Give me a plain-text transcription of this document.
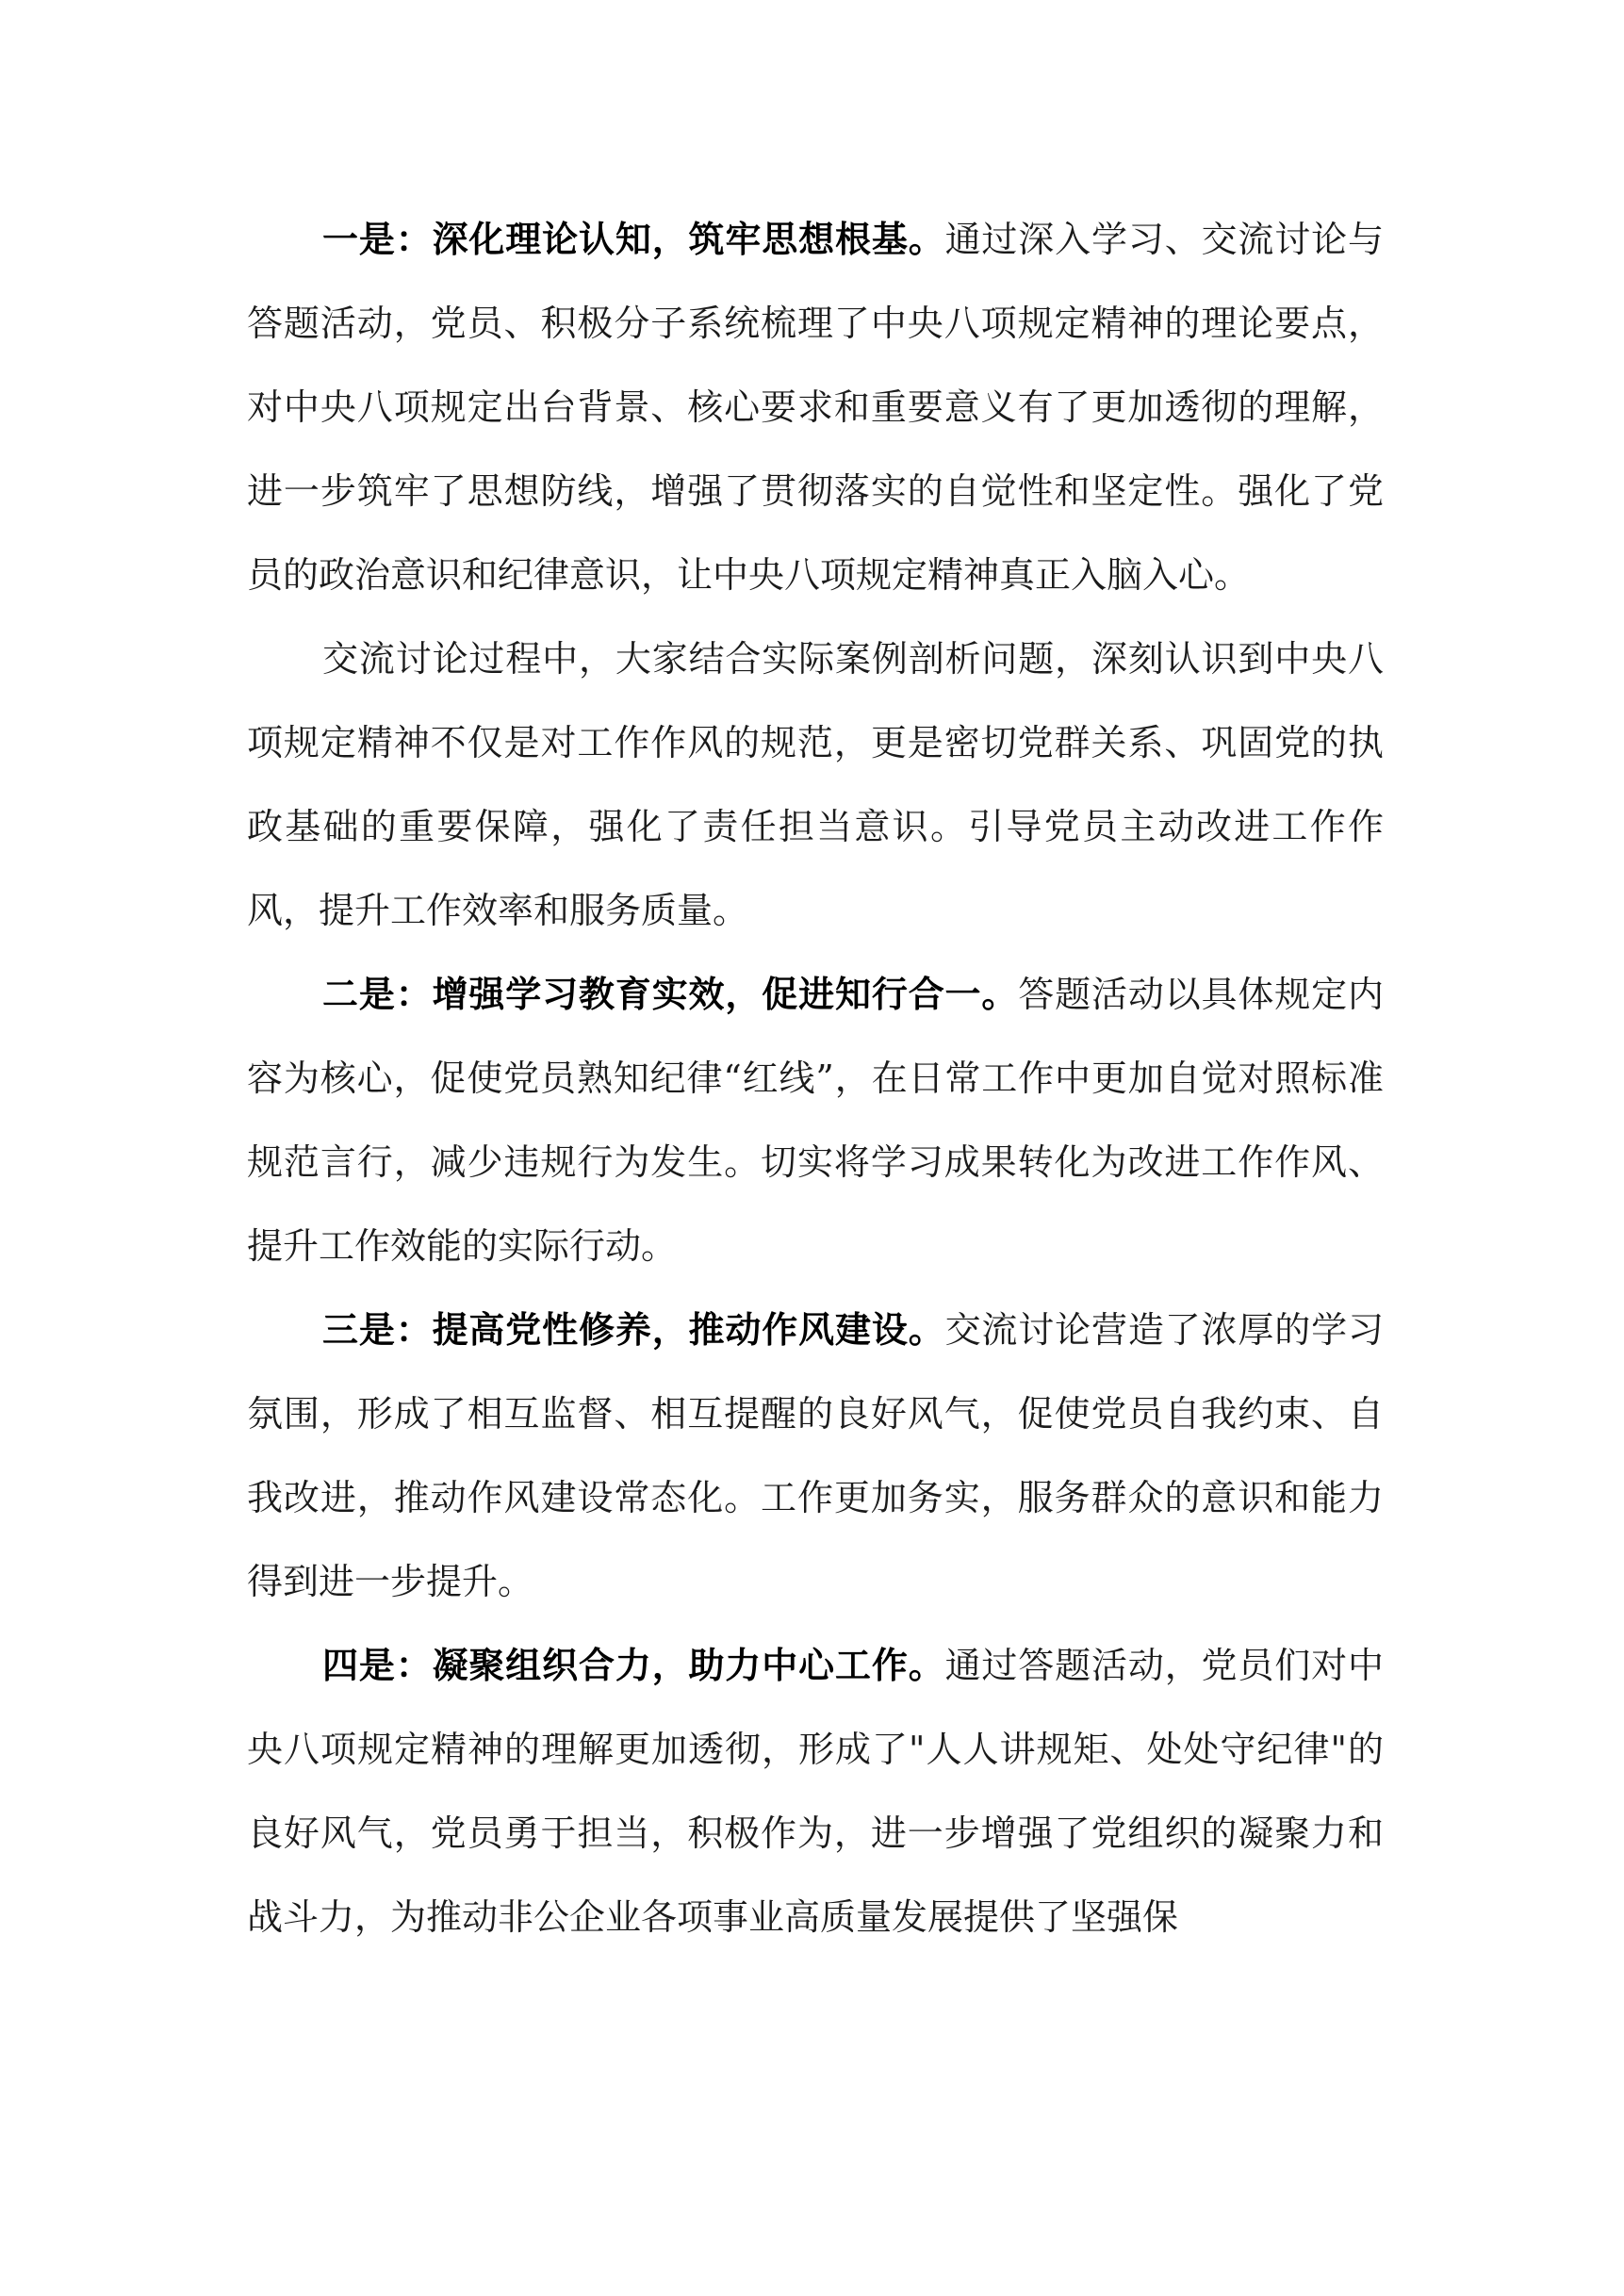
一是：深化理论认知，筑牢思想根基。通过深入学习、交流讨论与答题活动，党员、积极分子系统梳理了中央八项规定精神的理论要点，对中央八项规定出台背景、核心要求和重要意义有了更加透彻的理解，进一步筑牢了思想防线，增强了贯彻落实的自觉性和坚定性。强化了党员的政治意识和纪律意识，让中央八项规定精神真正入脑入心。

交流讨论过程中，大家结合实际案例剖析问题，深刻认识到中央八项规定精神不仅是对工作作风的规范，更是密切党群关系、巩固党的执政基础的重要保障，强化了责任担当意识。引导党员主动改进工作作风，提升工作效率和服务质量。

二是：增强学习教育实效，促进知行合一。答题活动以具体规定内容为核心，促使党员熟知纪律“红线”，在日常工作中更加自觉对照标准规范言行，减少违规行为发生。切实将学习成果转化为改进工作作风、提升工作效能的实际行动。

三是：提高党性修养，推动作风建设。交流讨论营造了浓厚的学习氛围，形成了相互监督、相互提醒的良好风气，促使党员自我约束、自我改进，推动作风建设常态化。工作更加务实，服务群众的意识和能力得到进一步提升。

四是：凝聚组织合力，助力中心工作。通过答题活动，党员们对中央八项规定精神的理解更加透彻，形成了"人人讲规矩、处处守纪律"的良好风气，党员勇于担当，积极作为，进一步增强了党组织的凝聚力和战斗力，为推动非公企业各项事业高质量发展提供了坚强保
